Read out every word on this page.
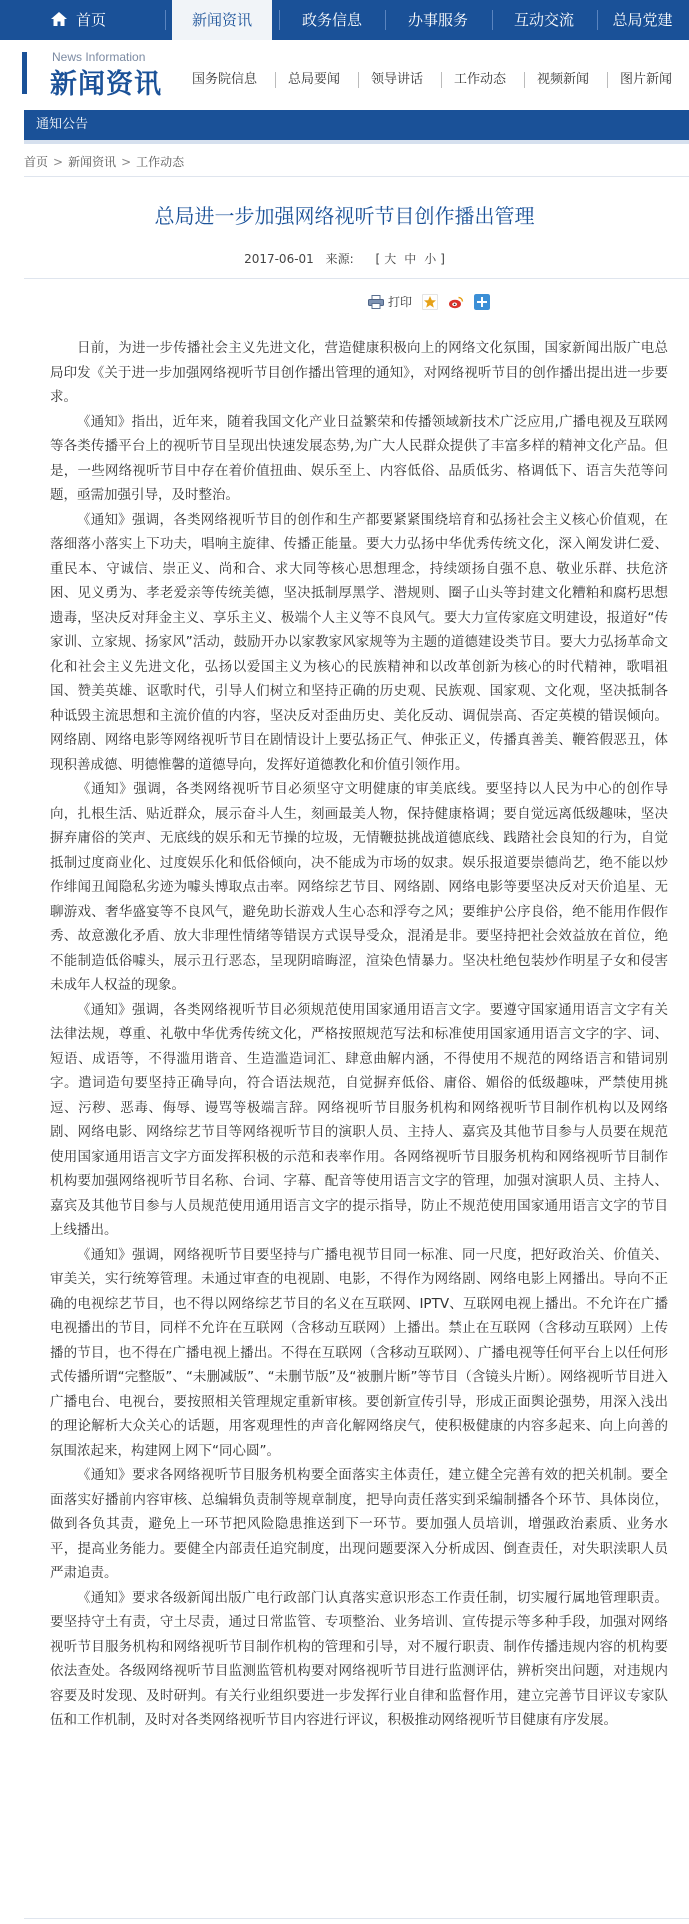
首页	新闻资讯	政务信息	办事服务	互动交流	总局党建
News Information
新闻资讯 国务院信息 总局要闻 领导讲话 工作动态 视频新闻 图片新闻
通知公告
首页 > 新闻资讯 > 工作动态
总局进一步加强网络视听节目创作播出管理
2017-06-01 来源: [ 大 中 小 ]
打印

日前，为进一步传播社会主义先进文化，营造健康积极向上的网络文化氛围，国家新闻出版广电总局印发《关于进一步加强网络视听节目创作播出管理的通知》，对网络视听节目的创作播出提出进一步要求。

《通知》指出，近年来，随着我国文化产业日益繁荣和传播领域新技术广泛应用,广播电视及互联网等各类传播平台上的视听节目呈现出快速发展态势,为广大人民群众提供了丰富多样的精神文化产品。但是，一些网络视听节目中存在着价值扭曲、娱乐至上、内容低俗、品质低劣、格调低下、语言失范等问题，亟需加强引导，及时整治。

《通知》强调，各类网络视听节目的创作和生产都要紧紧围绕培育和弘扬社会主义核心价值观，在落细落小落实上下功夫，唱响主旋律、传播正能量。要大力弘扬中华优秀传统文化，深入阐发讲仁爱、重民本、守诚信、崇正义、尚和合、求大同等核心思想理念，持续颂扬自强不息、敬业乐群、扶危济困、见义勇为、孝老爱亲等传统美德，坚决抵制厚黑学、潜规则、圈子山头等封建文化糟粕和腐朽思想遗毒，坚决反对拜金主义、享乐主义、极端个人主义等不良风气。要大力宣传家庭文明建设，报道好“传家训、立家规、扬家风”活动，鼓励开办以家教家风家规等为主题的道德建设类节目。要大力弘扬革命文化和社会主义先进文化，弘扬以爱国主义为核心的民族精神和以改革创新为核心的时代精神，歌唱祖国、赞美英雄、讴歌时代，引导人们树立和坚持正确的历史观、民族观、国家观、文化观，坚决抵制各种诋毁主流思想和主流价值的内容，坚决反对歪曲历史、美化反动、调侃崇高、否定英模的错误倾向。网络剧、网络电影等网络视听节目在剧情设计上要弘扬正气、伸张正义，传播真善美、鞭笞假恶丑，体现积善成德、明德惟馨的道德导向，发挥好道德教化和价值引领作用。

《通知》强调，各类网络视听节目必须坚守文明健康的审美底线。要坚持以人民为中心的创作导向，扎根生活、贴近群众，展示奋斗人生，刻画最美人物，保持健康格调；要自觉远离低级趣味，坚决摒弃庸俗的笑声、无底线的娱乐和无节操的垃圾，无情鞭挞挑战道德底线、践踏社会良知的行为，自觉抵制过度商业化、过度娱乐化和低俗倾向，决不能成为市场的奴隶。娱乐报道要崇德尚艺，绝不能以炒作绯闻丑闻隐私劣迹为噱头博取点击率。网络综艺节目、网络剧、网络电影等要坚决反对天价追星、无聊游戏、奢华盛宴等不良风气，避免助长游戏人生心态和浮夸之风；要维护公序良俗，绝不能用作假作秀、故意激化矛盾、放大非理性情绪等错误方式误导受众，混淆是非。要坚持把社会效益放在首位，绝不能制造低俗噱头，展示丑行恶态，呈现阴暗晦涩，渲染色情暴力。坚决杜绝包装炒作明星子女和侵害未成年人权益的现象。

《通知》强调，各类网络视听节目必须规范使用国家通用语言文字。要遵守国家通用语言文字有关法律法规，尊重、礼敬中华优秀传统文化，严格按照规范写法和标准使用国家通用语言文字的字、词、短语、成语等，不得滥用谐音、生造滥造词汇、肆意曲解内涵，不得使用不规范的网络语言和错词别字。遣词造句要坚持正确导向，符合语法规范，自觉摒弃低俗、庸俗、媚俗的低级趣味，严禁使用挑逗、污秽、恶毒、侮辱、谩骂等极端言辞。网络视听节目服务机构和网络视听节目制作机构以及网络剧、网络电影、网络综艺节目等网络视听节目的演职人员、主持人、嘉宾及其他节目参与人员要在规范使用国家通用语言文字方面发挥积极的示范和表率作用。各网络视听节目服务机构和网络视听节目制作机构要加强网络视听节目名称、台词、字幕、配音等使用语言文字的管理，加强对演职人员、主持人、嘉宾及其他节目参与人员规范使用通用语言文字的提示指导，防止不规范使用国家通用语言文字的节目上线播出。

《通知》强调，网络视听节目要坚持与广播电视节目同一标准、同一尺度，把好政治关、价值关、审美关，实行统筹管理。未通过审查的电视剧、电影，不得作为网络剧、网络电影上网播出。导向不正确的电视综艺节目，也不得以网络综艺节目的名义在互联网、IPTV、互联网电视上播出。不允许在广播电视播出的节目，同样不允许在互联网（含移动互联网）上播出。禁止在互联网（含移动互联网）上传播的节目，也不得在广播电视上播出。不得在互联网（含移动互联网）、广播电视等任何平台上以任何形式传播所谓“完整版”、“未删减版”、“未删节版”及“被删片断”等节目（含镜头片断）。网络视听节目进入广播电台、电视台，要按照相关管理规定重新审核。要创新宣传引导，形成正面舆论强势，用深入浅出的理论解析大众关心的话题，用客观理性的声音化解网络戾气，使积极健康的内容多起来、向上向善的氛围浓起来，构建网上网下“同心圆”。

《通知》要求各网络视听节目服务机构要全面落实主体责任，建立健全完善有效的把关机制。要全面落实好播前内容审核、总编辑负责制等规章制度，把导向责任落实到采编制播各个环节、具体岗位，做到各负其责，避免上一环节把风险隐患推送到下一环节。要加强人员培训，增强政治素质、业务水平，提高业务能力。要健全内部责任追究制度，出现问题要深入分析成因、倒查责任，对失职渎职人员严肃追责。

《通知》要求各级新闻出版广电行政部门认真落实意识形态工作责任制，切实履行属地管理职责。要坚持守土有责，守土尽责，通过日常监管、专项整治、业务培训、宣传提示等多种手段，加强对网络视听节目服务机构和网络视听节目制作机构的管理和引导，对不履行职责、制作传播违规内容的机构要依法查处。各级网络视听节目监测监管机构要对网络视听节目进行监测评估，辨析突出问题，对违规内容要及时发现、及时研判。有关行业组织要进一步发挥行业自律和监督作用，建立完善节目评议专家队伍和工作机制，及时对各类网络视听节目内容进行评议，积极推动网络视听节目健康有序发展。
